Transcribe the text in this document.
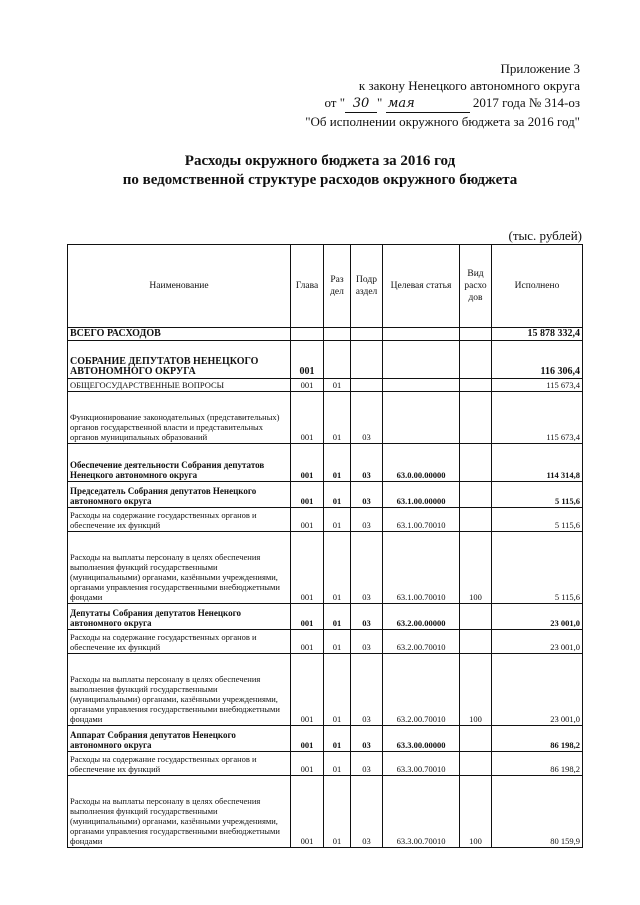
Приложение 3
к закону Ненецкого автономного округа
от " 30 " мая	2017 года № 314-оз
"Об исполнении окружного бюджета за 2016 год"
Расходы окружного бюджета за 2016 год
по ведомственной структуре расходов окружного бюджета
(тыс. рублей)
Наименование	Глава	Раз дел	Подр аздел	Целевая статья	Вид расхо дов	Исполнено
ВСЕГО РАСХОДОВ						15 878 332,4
СОБРАНИЕ ДЕПУТАТОВ НЕНЕЦКОГО АВТОНОМНОГО ОКРУГА	001					116 306,4
ОБЩЕГОСУДАРСТВЕННЫЕ ВОПРОСЫ	001	01				115 673,4
Функционирование законодательных (представительных) органов государственной власти и представительных органов муниципальных образований	001	01	03			115 673,4
Обеспечение деятельности Собрания депутатов Ненецкого автономного округа	001	01	03	63.0.00.00000		114 314,8
Председатель Собрания депутатов Ненецкого автономного округа	001	01	03	63.1.00.00000		5 115,6
Расходы на содержание государственных органов и обеспечение их функций	001	01	03	63.1.00.70010		5 115,6
Расходы на выплаты персоналу в целях обеспечения выполнения функций государственными (муниципальными) органами, казёнными учреждениями, органами управления государственными внебюджетными фондами	001	01	03	63.1.00.70010	100	5 115,6
Депутаты Собрания депутатов Ненецкого автономного округа	001	01	03	63.2.00.00000		23 001,0
Расходы на содержание государственных органов и обеспечение их функций	001	01	03	63.2.00.70010		23 001,0
Расходы на выплаты персоналу в целях обеспечения выполнения функций государственными (муниципальными) органами, казёнными учреждениями, органами управления государственными внебюджетными фондами	001	01	03	63.2.00.70010	100	23 001,0
Аппарат Собрания депутатов Ненецкого автономного округа	001	01	03	63.3.00.00000		86 198,2
Расходы на содержание государственных органов и обеспечение их функций	001	01	03	63.3.00.70010		86 198,2
Расходы на выплаты персоналу в целях обеспечения выполнения функций государственными (муниципальными) органами, казёнными учреждениями, органами управления государственными внебюджетными фондами	001	01	03	63.3.00.70010	100	80 159,9
